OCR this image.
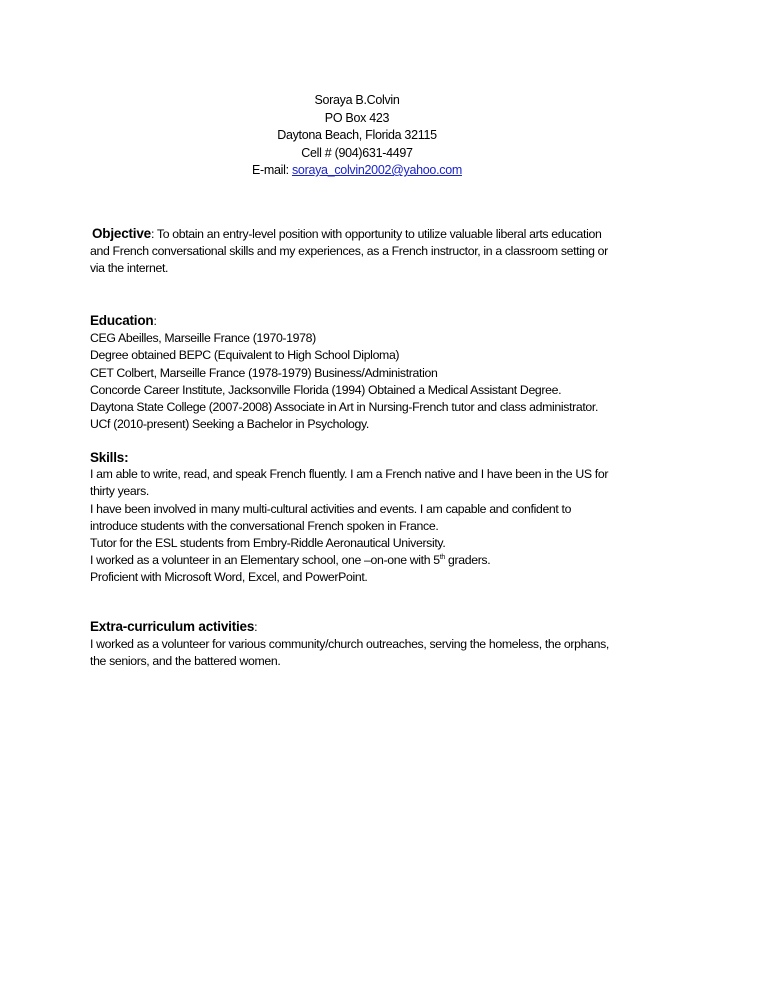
Soraya B.Colvin
PO Box 423
Daytona Beach, Florida 32115
Cell # (904)631-4497
E-mail: soraya_colvin2002@yahoo.com

Objective: To obtain an entry-level position with opportunity to utilize valuable liberal arts education
and French conversational skills and my experiences, as a French instructor, in a classroom setting or
via the internet.

Education:
CEG Abeilles, Marseille France (1970-1978)
Degree obtained BEPC (Equivalent to High School Diploma)
CET Colbert, Marseille France (1978-1979) Business/Administration
Concorde Career Institute, Jacksonville Florida (1994) Obtained a Medical Assistant Degree.
Daytona State College (2007-2008) Associate in Art in Nursing-French tutor and class administrator.
UCf (2010-present) Seeking a Bachelor in Psychology.

Skills:
I am able to write, read, and speak French fluently. I am a French native and I have been in the US for
thirty years.
I have been involved in many multi-cultural activities and events. I am capable and confident to
introduce students with the conversational French spoken in France.
Tutor for the ESL students from Embry-Riddle Aeronautical University.
I worked as a volunteer in an Elementary school, one –on-one with 5th graders.
Proficient with Microsoft Word, Excel, and PowerPoint.

Extra-curriculum activities:
I worked as a volunteer for various community/church outreaches, serving the homeless, the orphans,
the seniors, and the battered women.
